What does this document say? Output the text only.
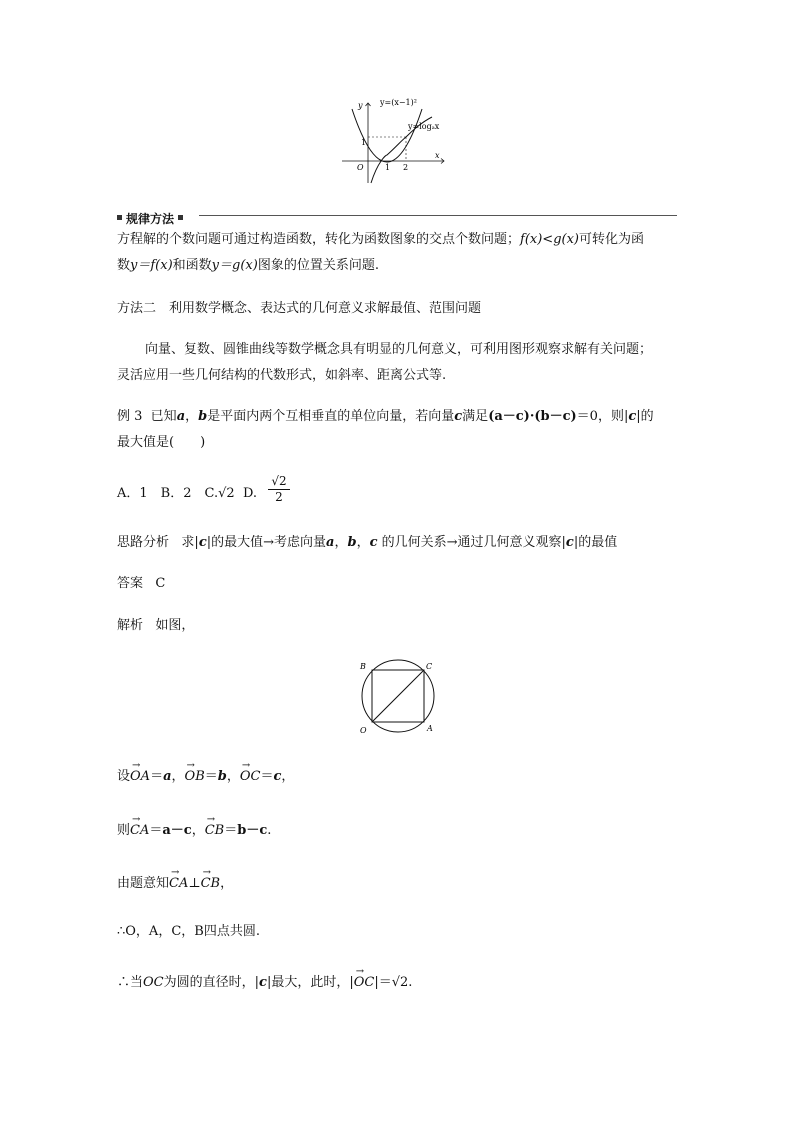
y=(x−1)²
y=logₐx
y
x
O	1 2
1
规律方法
方程解的个数问题可通过构造函数，转化为函数图象的交点个数问题；f(x)<g(x)可转化为函
数y＝f(x)和函数y＝g(x)图象的位置关系问题.
方法二　利用数学概念、表达式的几何意义求解最值、范围问题
向量、复数、圆锥曲线等数学概念具有明显的几何意义，可利用图形观察求解有关问题；
灵活应用一些几何结构的代数形式，如斜率、距离公式等.
例 3 已知a，b是平面内两个互相垂直的单位向量，若向量c满足(a－c)·(b－c)＝0，则|c|的
最大值是(　　)
A．1　B．2　C.√2 D. $\frac{√2}{2}$
思路分析 求|c|的最大值→考虑向量a，b，c 的几何关系→通过几何意义观察|c|的最值
答案 C
解析 如图，
B	C
O	A
设→ OA＝a，→ OB＝b，→ OC＝c，
则→ CA＝a－c，→ CB＝b－c.
由题意知→ CA⊥→ CB，
∴O，A，C，B四点共圆.
∴当OC为圆的直径时，|c|最大，此时，|→ OC|＝√2.
